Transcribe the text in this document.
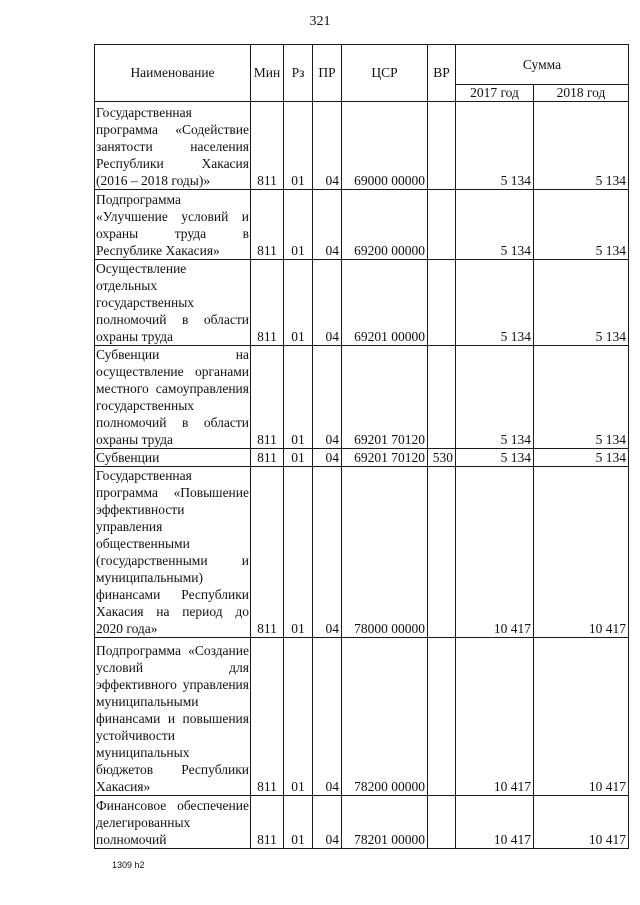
321
Наименование	Мин	Рз	ПР	ЦСР	ВР	Сумма	
						2017 год	2018 год
Государственная программа «Содействие занятости населения Республики Хакасия (2016 – 2018 годы)»	811	01	04	69000 00000		5 134	5 134
Подпрограмма «Улучшение условий и охраны труда в Республике Хакасия»	811	01	04	69200 00000		5 134	5 134
Осуществление отдельных государственных полномочий в области охраны труда	811	01	04	69201 00000		5 134	5 134
Субвенции на осуществление органами местного самоуправления государственных полномочий в области охраны труда	811	01	04	69201 70120		5 134	5 134
Субвенции	811	01	04	69201 70120	530	5 134	5 134
Государственная программа «Повышение эффективности управления общественными (государственными и муниципальными) финансами Республики Хакасия на период до 2020 года»	811	01	04	78000 00000		10 417	10 417
Подпрограмма «Создание условий для эффективного управления муниципальными финансами и повышения устойчивости муниципальных бюджетов Республики Хакасия»	811	01	04	78200 00000		10 417	10 417
Финансовое обеспечение делегированных полномочий	811	01	04	78201 00000		10 417	10 417
1309 h2
